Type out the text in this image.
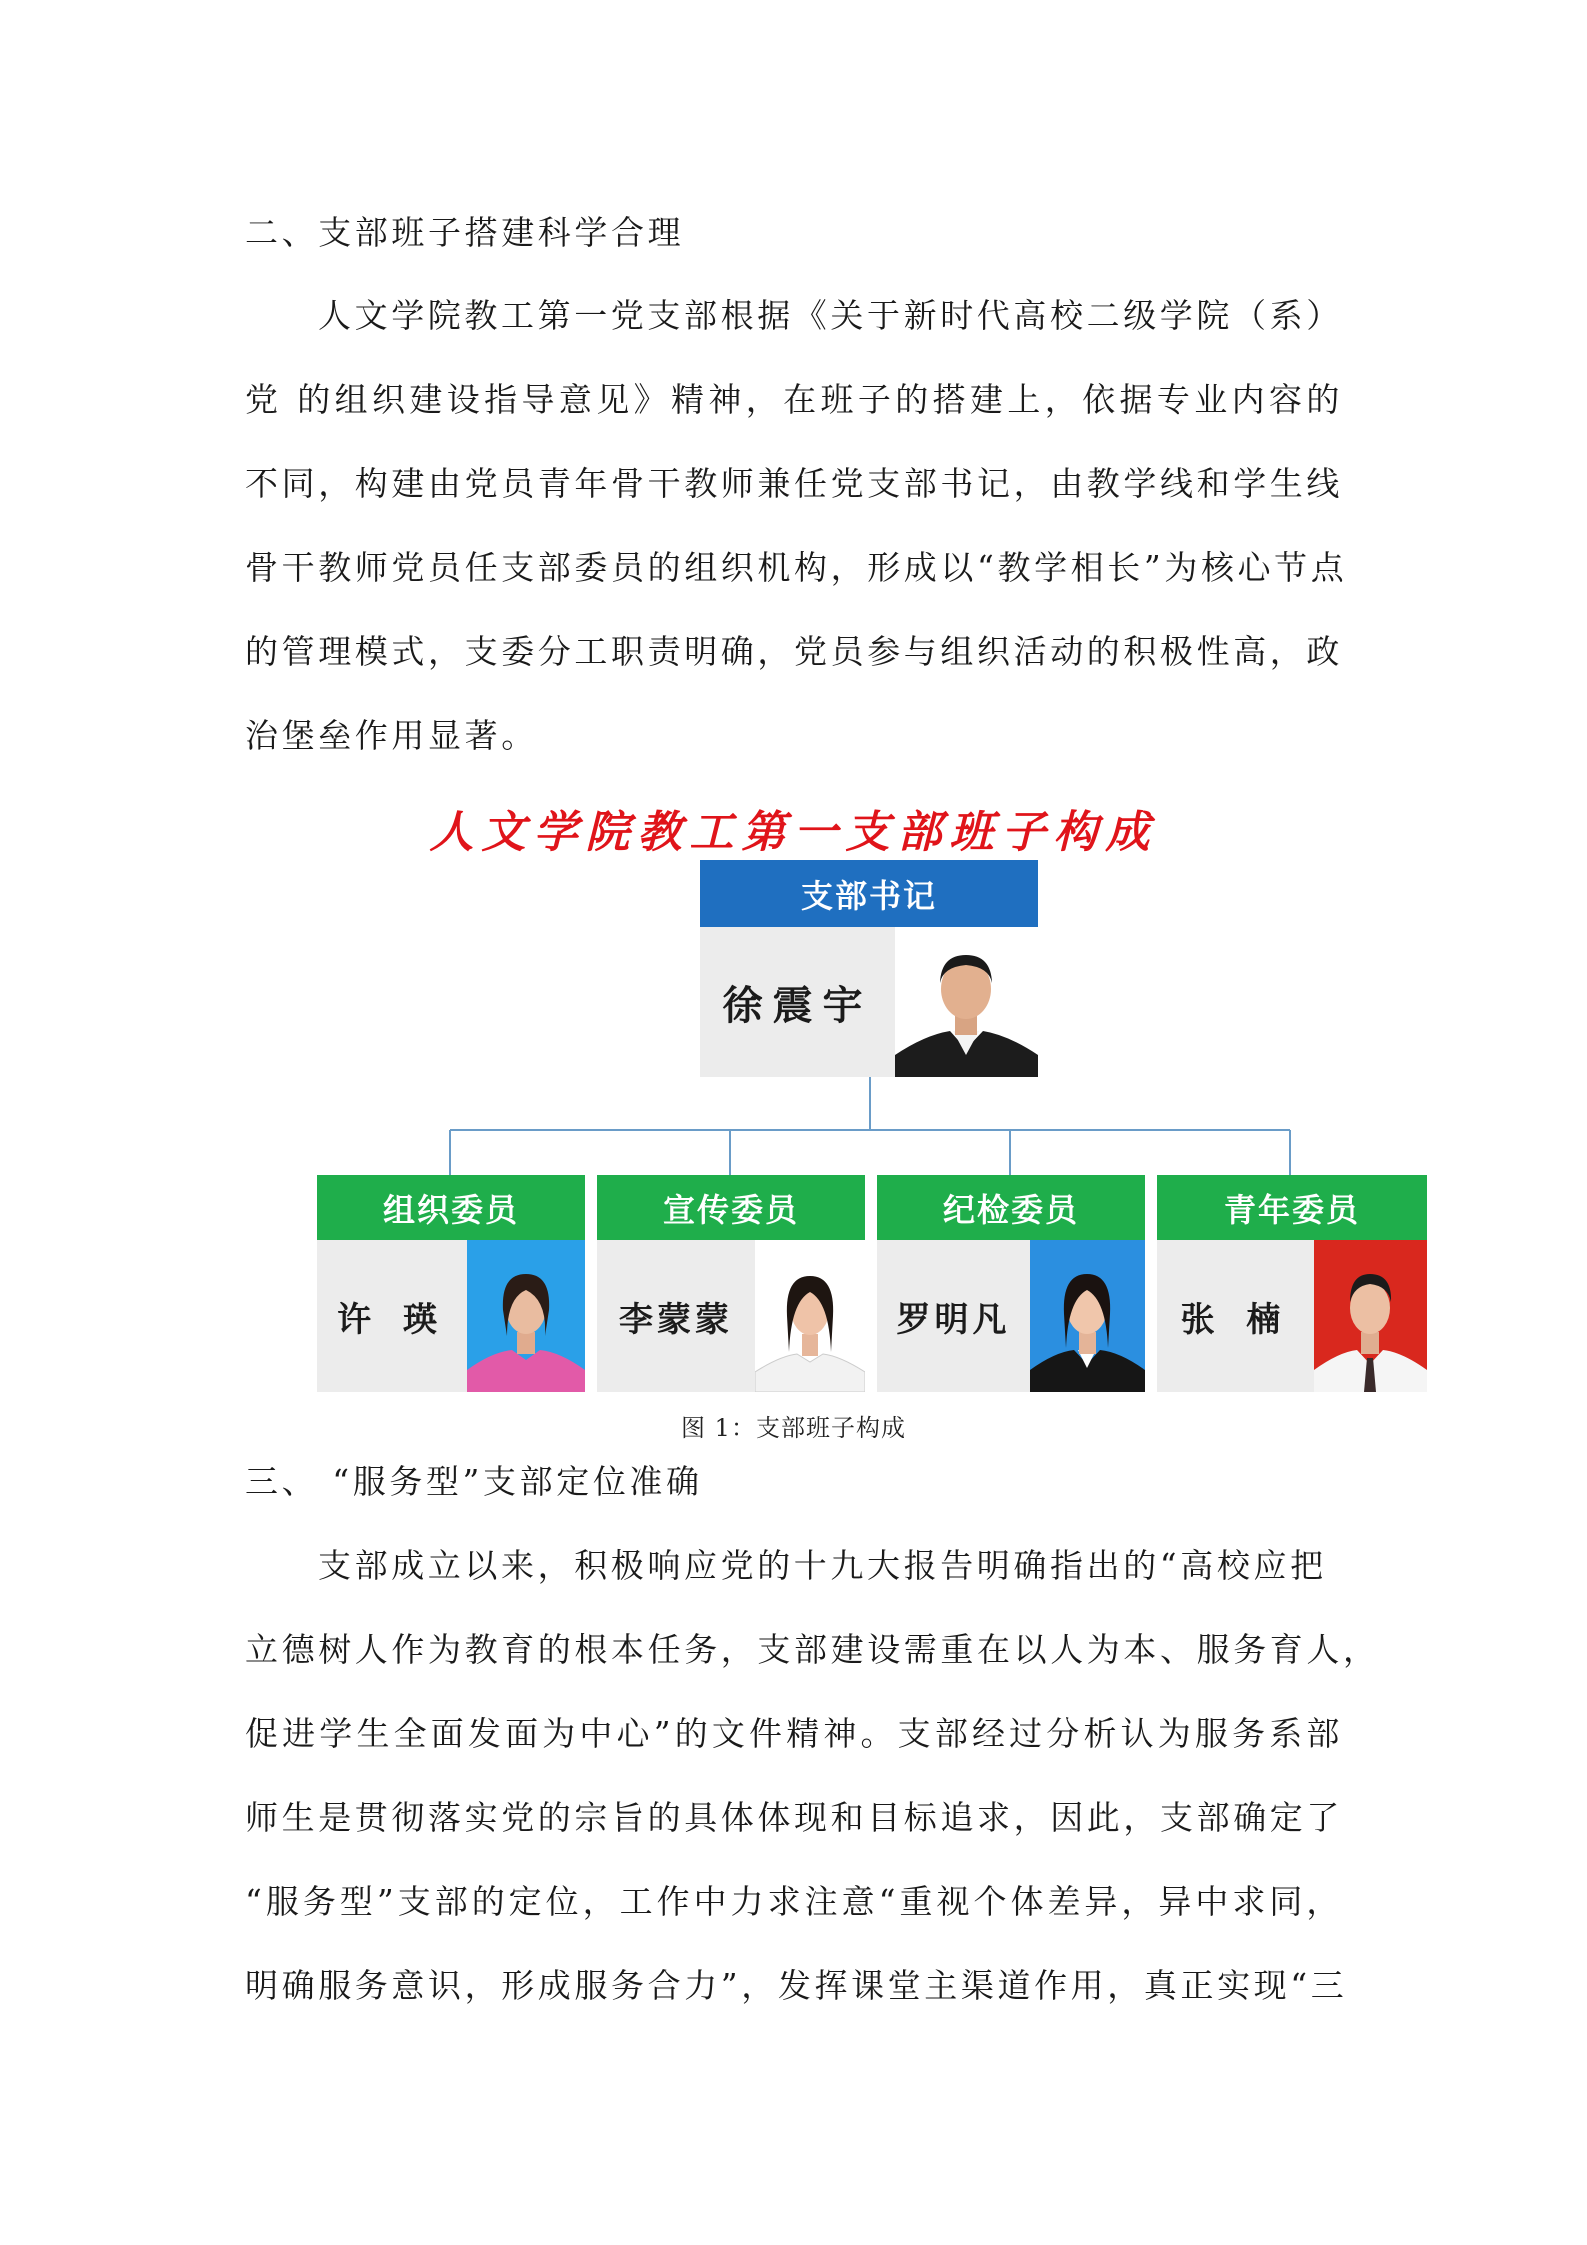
二、支部班子搭建科学合理
人文学院教工第一党支部根据《关于新时代高校二级学院（系）
党 的组织建设指导意见》精神，在班子的搭建上，依据专业内容的
不同，构建由党员青年骨干教师兼任党支部书记，由教学线和学生线
骨干教师党员任支部委员的组织机构，形成以“教学相长”为核心节点
的管理模式，支委分工职责明确，党员参与组织活动的积极性高，政
治堡垒作用显著。
人文学院教工第一支部班子构成
支部书记
徐震宇
组织委员
许 瑛
宣传委员
李蒙蒙
纪检委员
罗明凡
青年委员
张 楠
图 1：支部班子构成
三、 “服务型”支部定位准确
支部成立以来，积极响应党的十九大报告明确指出的“高校应把
立德树人作为教育的根本任务，支部建设需重在以人为本、服务育人，
促进学生全面发面为中心”的文件精神。支部经过分析认为服务系部
师生是贯彻落实党的宗旨的具体体现和目标追求，因此，支部确定了
“服务型”支部的定位，工作中力求注意“重视个体差异，异中求同，
明确服务意识，形成服务合力”，发挥课堂主渠道作用，真正实现“三
